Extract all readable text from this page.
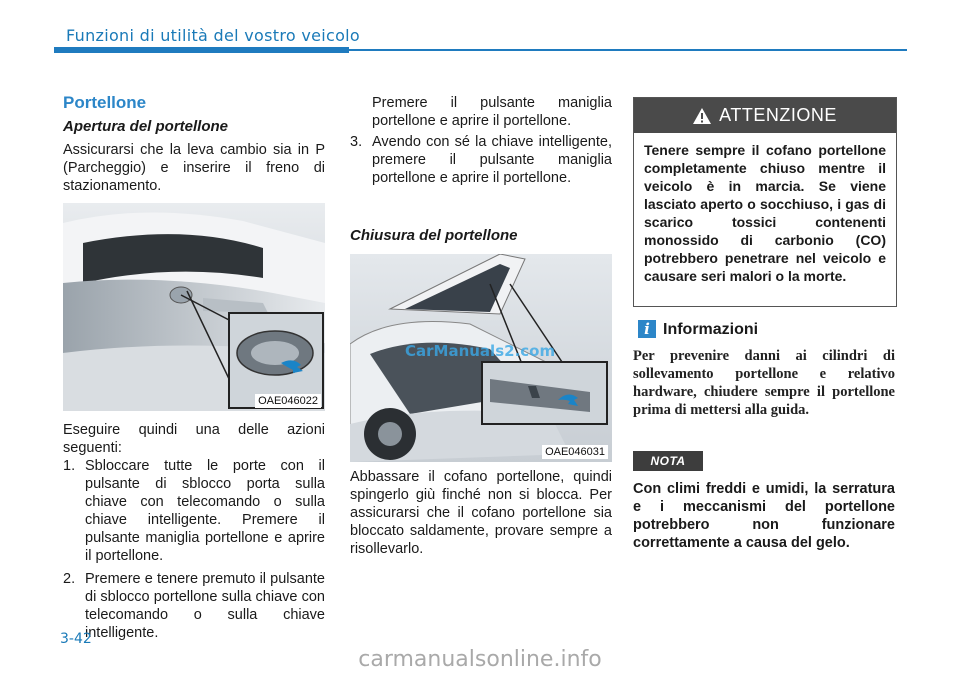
Funzioni di utilità del vostro veicolo
Portellone
Apertura del portellone
Assicurarsi che la leva cambio sia in P (Parcheggio) e inserire il freno di stazionamento.
OAE046022
Eseguire quindi una delle azioni seguenti:
1. Sbloccare tutte le porte con il pulsante di sblocco porta sulla chiave con telecomando o sulla chiave intelligente. Premere il pulsante maniglia portellone e aprire il portellone.
2. Premere e tenere premuto il pulsante di sblocco portellone sulla chiave con telecomando o sulla chiave intelligente.
Premere il pulsante maniglia portellone e aprire il portellone.
3. Avendo con sé la chiave intelligente, premere il pulsante maniglia portellone e aprire il portellone.
Chiusura del portellone
CarManuals2.com
OAE046031
Abbassare il cofano portellone, quindi spingerlo giù finché non si blocca. Per assicurarsi che il cofano portellone sia bloccato saldamente, provare sempre a risollevarlo.
ATTENZIONE
Tenere sempre il cofano portellone completamente chiuso mentre il veicolo è in marcia. Se viene lasciato aperto o socchiuso, i gas di scarico tossici contenenti monossido di carbonio (CO) potrebbero penetrare nel veicolo e causare seri malori o la morte.
i Informazioni
Per prevenire danni ai cilindri di sollevamento portellone e relativo hardware, chiudere sempre il portellone prima di mettersi alla guida.
NOTA
Con climi freddi e umidi, la serratura e i meccanismi del portellone potrebbero non funzionare correttamente a causa del gelo.
3-42
carmanualsonline.info
